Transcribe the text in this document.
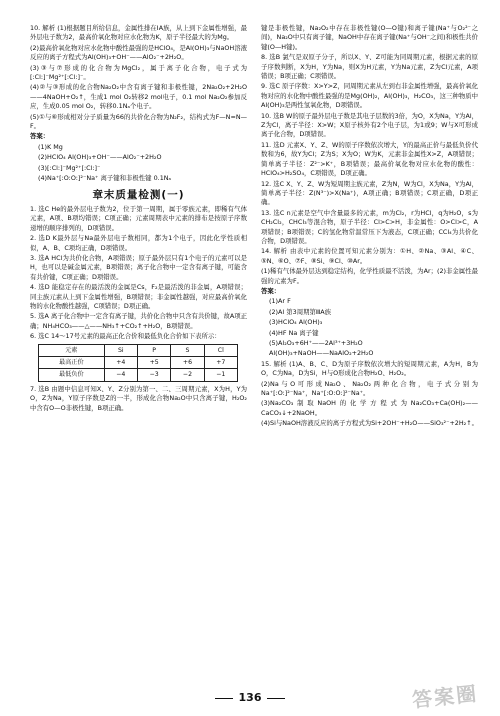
10. 解析 (1)根据题目所给信息，金属性排在ⅠA族，从上到下金属性增强，最外层电子数为2，最高价氧化物对应水化物为K，原子半径最大的为Mg。

(2)最高价氧化物对应水化物中酸性最强的是HClO₄，是Al(OH)₃与NaOH溶液反应的离子方程式为Al(OH)₃+OH⁻——AlO₂⁻+2H₂O。

(3)③与⑦形成的化合物为MgCl₂，属于离子化合物，电子式为[:Cl:]⁻Mg²⁺[:Cl:]⁻。

(4)②与③形成的化合物Na₂O₂中含有离子键和非极性键，2Na₂O₂+2H₂O——4NaOH+O₂↑，生成1 mol O₂转移2 mol电子，0.1 mol Na₂O₂参加反应，生成0.05 mol O₂，转移0.1Nₐ个电子。

(5)①与⑥形成相对分子质量为66的共价化合物为N₂F₂，结构式为F—N=N—F。

答案：

(1)K Mg

(2)HClO₄ Al(OH)₃+OH⁻——AlO₂⁻+2H₂O

(3)[:Cl:]⁻Mg²⁺[:Cl:]⁻

(4)Na⁺[:O:O:]²⁻Na⁺ 离子键和非极性键 0.1Nₐ

章末质量检测(一)

1. 选C He的最外层电子数为2，位于第一周期，属于零族元素，即稀有气体元素，A项、B项均错误；C项正确；元素周期表中元素的排布是按原子序数递增的顺序排列的，D项错误。

2. 选D K最外层与Na最外层电子数相同，都为1个电子，因此化学性质相似，A、B、C项均正确，D项错误。

3. 选A HCl为共价化合物，A项错误；原子最外层只有1个电子的元素可以是H，也可以是碱金属元素，B项错误；离子化合物中一定含有离子键，可能含有共价键，C项正确；D项错误。

4. 选D 能稳定存在的最活泼的金属是Cs，F₂是最活泼的非金属，A项错误；同主族元素从上到下金属性增强，B项错误；非金属性越强，对应最高价氧化物的水化物酸性越强，C项错误；D项正确。

5. 选A 离子化合物中一定含有离子键，共价化合物中只含有共价键，故A项正确；NH₄HCO₃——△——NH₃↑+CO₂↑+H₂O，B项错误。

6. 选C 14～17号元素的最高正化合价和最低负化合价如下表所示：

元素	Si	P	S	Cl
最高正价	+4	+5	+6	+7
最低负价	−4	−3	−2	−1

7. 选B 由题中信息可知X、Y、Z分别为第一、二、三周期元素，X为H，Y为O，Z为Na，Y原子序数是Z的一半，形成化合物Na₂O中只含离子键，H₂O₂中含有O—O非极性键，B项正确。

键是非极性键，Na₂O₂中存在非极性键(O—O键)和离子键(Na⁺与O₂²⁻之间)，Na₂O中只有离子键，NaOH中存在离子键(Na⁺与OH⁻之间)和极性共价键(O—H键)。

8. 选B 氯气是双原子分子，所以X、Y、Z可能为同周期元素，根据元素的原子序数判断，X为H，Y为Na，则X为H元素，Y为Na元素，Z为Cl元素，A项错误；B项正确；C项错误。

9. 选C 原子序数：X>Y>Z，同周期元素从左到右非金属性增强，最高价氧化物对应的水化物中酸性最强的是Mg(OH)₂，Al(OH)₃，H₂CO₃，这三种物质中Al(OH)₃是两性氢氧化物，D项错误。

10. 选B W的原子最外层电子数是其电子层数的3倍，为O，X为Na，Y为Al，Z为Cl，离子半径：X>W；X原子核外有2个电子层，为1或9；W与X可形成离子化合物，D项错误。

11. 选D 元素X、Y、Z、W的原子序数依次增大，Y的最高正价与最低负价代数和为6，故Y为Cl；Z为S；X为O；W为K，元素非金属性X>Z，A项错误；简单离子半径：Z²⁻>K⁺，B项错误；最高价氧化物对应水化物的酸性：HClO₄>H₂SO₄，C项错误，D项正确。

12. 选C X、Y、Z、W为短周期主族元素，Z为N，W为Cl，X为Na，Y为Al，简单离子半径：Z(N³⁻)>X(Na⁺)，A项正确；B项错误；C项正确，D项正确。

13. 选C n元素是空气中含量最多的元素，m为Cl₂，r为HCl，q为H₂O，s为CH₂Cl₂，CHCl₃等混合物，原子半径：Cl>C>H，非金属性：O>Cl>C，A项错误；B项错误；C的氢化物常温常压下为液态，C项正确；CCl₄为共价化合物，D项错误。

14. 解析 由表中元素的位置可知元素分别为：①H、②Na、③Al、④C、⑤N、⑥O、⑦F、⑧Si、⑨Cl、⑩Ar。

(1)稀有气体最外层达到稳定结构，化学性质最不活泼，为Ar；(2)非金属性最强的元素为F。

答案：

(1)Ar F

(2)Al 第3周期第ⅢA族

(3)HClO₄ Al(OH)₃

(4)HF Na 离子键

(5)Al₂O₃+6H⁺——2Al³⁺+3H₂O

Al(OH)₃+NaOH——NaAlO₂+2H₂O

15. 解析 (1)A、B、C、D为原子序数依次增大的短周期元素，A为H，B为O，C为Na，D为Si，H与O形成化合物H₂O、H₂O₂。

(2)Na与O可形成Na₂O、Na₂O₂两种化合物，电子式分别为Na⁺[:O:]²⁻Na⁺，Na⁺[:O:O:]²⁻Na⁺。

(3)Na₂CO₃制取NaOH的化学方程式为Na₂CO₃+Ca(OH)₂——CaCO₃↓+2NaOH。

(4)Si与NaOH溶液反应的离子方程式为Si+2OH⁻+H₂O——SiO₃²⁻+2H₂↑。

136	答案圈
